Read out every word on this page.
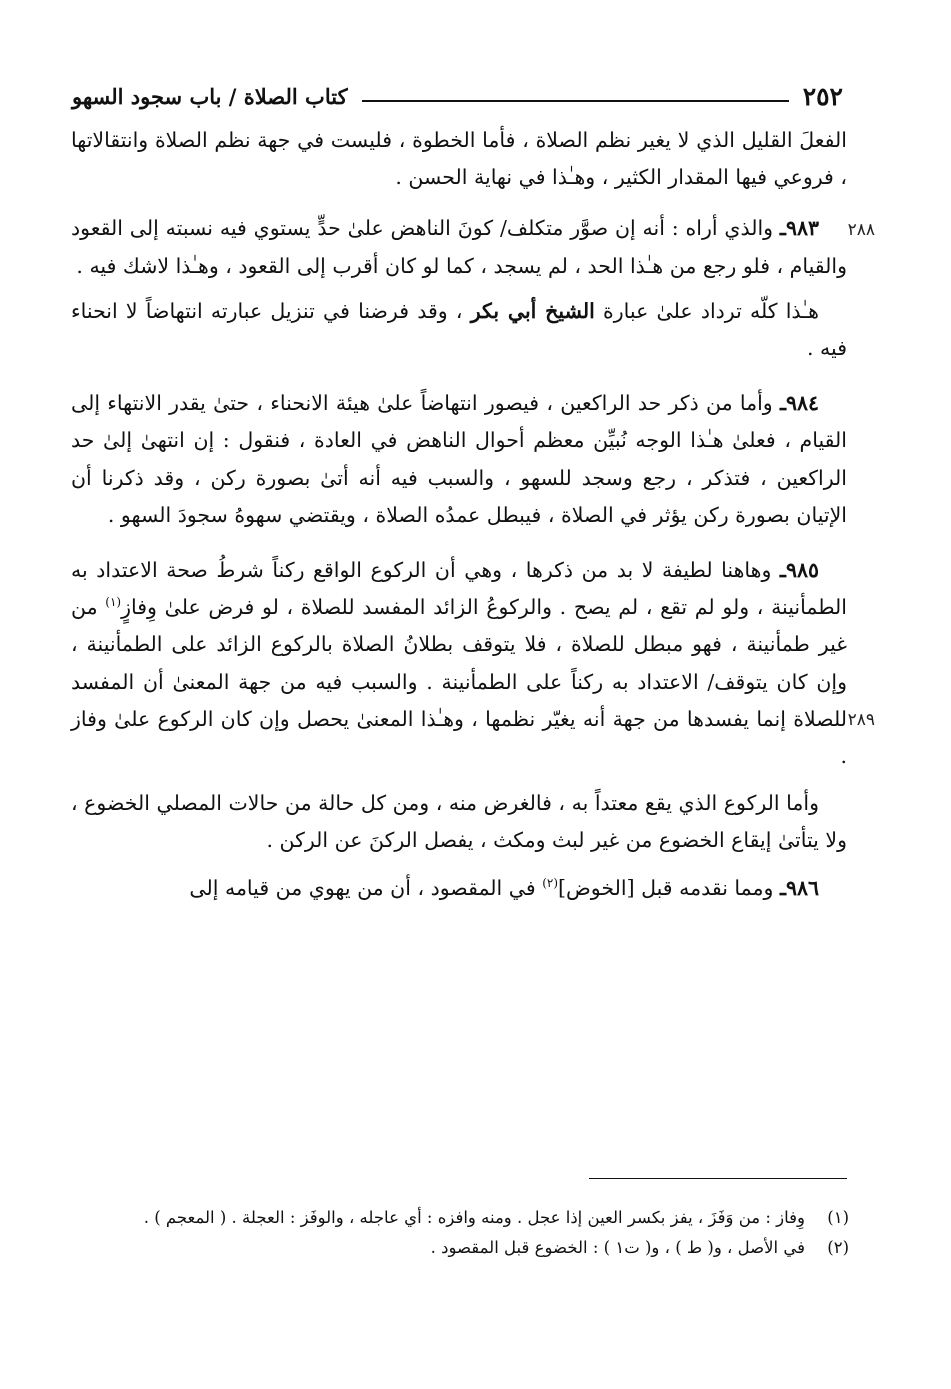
٢٥٢
كتاب الصلاة / باب سجود السهو

الفعلَ القليل الذي لا يغير نظم الصلاة ، فأما الخطوة ، فليست في جهة نظم الصلاة وانتقالاتها ، فروعي فيها المقدار الكثير ، وهـٰذا في نهاية الحسن .

٢٨٨
٩٨٣ـ والذي أراه : أنه إن صوَّر متكلف/ كونَ الناهض علىٰ حدٍّ يستوي فيه نسبته إلى القعود والقيام ، فلو رجع من هـٰذا الحد ، لم يسجد ، كما لو كان أقرب إلى القعود ، وهـٰذا لاشك فيه .

هـٰذا كلّه ترداد علىٰ عبارة الشيخ أبي بكر ، وقد فرضنا في تنزيل عبارته انتهاضاً لا انحناء فيه .

٩٨٤ـ وأما من ذكر حد الراكعين ، فيصور انتهاضاً علىٰ هيئة الانحناء ، حتىٰ يقدر الانتهاء إلى القيام ، فعلىٰ هـٰذا الوجه نُبيِّن معظم أحوال الناهض في العادة ، فنقول : إن انتهىٰ إلىٰ حد الراكعين ، فتذكر ، رجع وسجد للسهو ، والسبب فيه أنه أتىٰ بصورة ركن ، وقد ذكرنا أن الإتيان بصورة ركن يؤثر في الصلاة ، فيبطل عمدُه الصلاة ، ويقتضي سهوهُ سجودَ السهو .

٢٨٩
٩٨٥ـ وهاهنا لطيفة لا بد من ذكرها ، وهي أن الركوع الواقع ركناً شرطُ صحة الاعتداد به الطمأنينة ، ولو لم تقع ، لم يصح . والركوعُ الزائد المفسد للصلاة ، لو فرض علىٰ وِفازٍ$^{(١)}$ من غير طمأنينة ، فهو مبطل للصلاة ، فلا يتوقف بطلانُ الصلاة بالركوع الزائد على الطمأنينة ، وإن كان يتوقف/ الاعتداد به ركناً على الطمأنينة . والسبب فيه من جهة المعنىٰ أن المفسد للصلاة إنما يفسدها من جهة أنه يغيّر نظمها ، وهـٰذا المعنىٰ يحصل وإن كان الركوع علىٰ وفاز .

وأما الركوع الذي يقع معتداً به ، فالغرض منه ، ومن كل حالة من حالات المصلي الخضوع ، ولا يتأتىٰ إيقاع الخضوع من غير لبث ومكث ، يفصل الركنَ عن الركن .

٩٨٦ـ ومما نقدمه قبل [الخوض]$^{(٢)}$ في المقصود ، أن من يهوي من قيامه إلى

(١)
وِفاز : من وَفَزَ ، يفز بكسر العين إذا عجل . ومنه وافزه : أي عاجله ، والوفَز : العجلة . ( المعجم ) .
(٢)
في الأصل ، و( ط ) ، و( ت١ ) : الخضوع قبل المقصود .
